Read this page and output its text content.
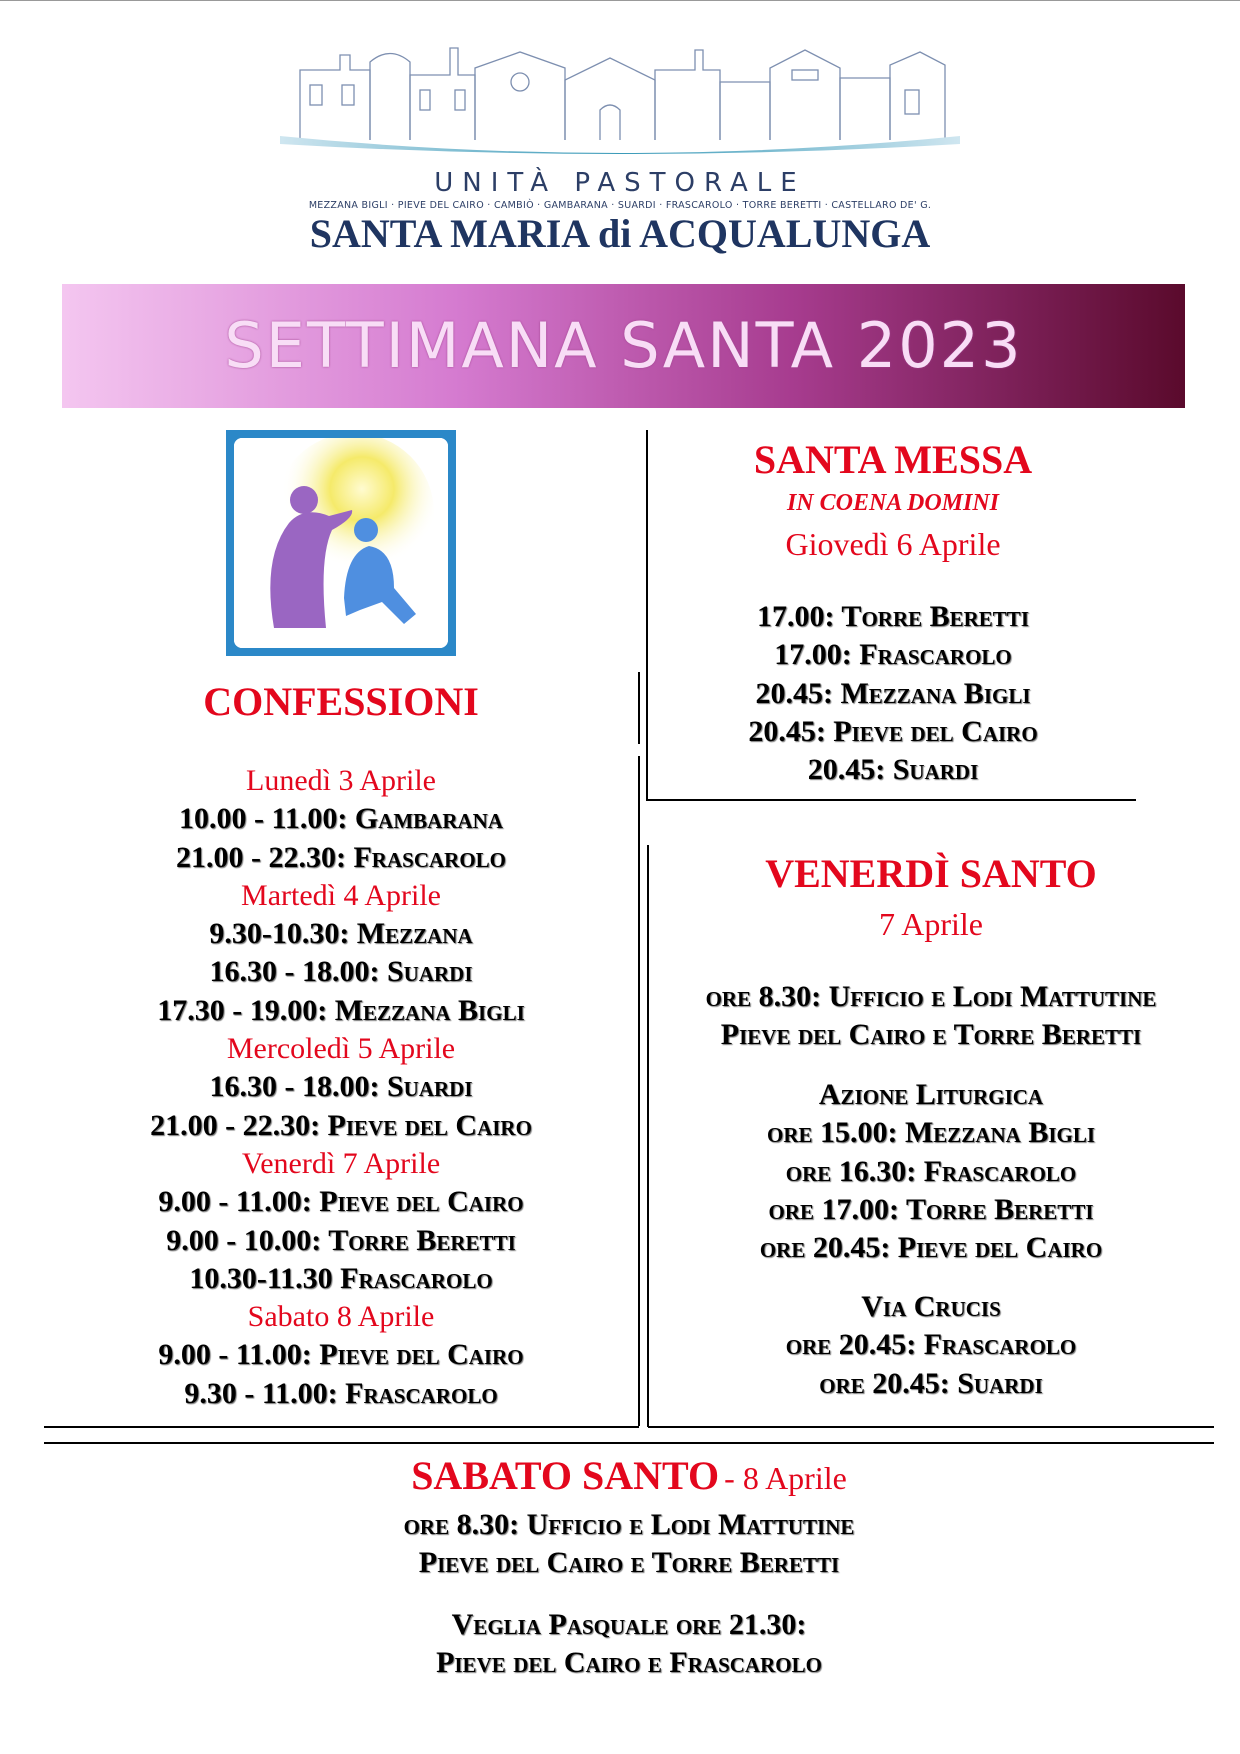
UNITÀ PASTORALE
MEZZANA BIGLI · PIEVE DEL CAIRO · CAMBIÒ · GAMBARANA · SUARDI · FRASCAROLO · TORRE BERETTI · CASTELLARO DE' G.
SANTA MARIA di ACQUALUNGA
SETTIMANA SANTA 2023
CONFESSIONI
Lunedì 3 Aprile
10.00 - 11.00: Gambarana
21.00 - 22.30: Frascarolo
Martedì 4 Aprile
9.30-10.30: Mezzana
16.30 - 18.00: Suardi
17.30 - 19.00: Mezzana Bigli
Mercoledì 5 Aprile
16.30 - 18.00: Suardi
21.00 - 22.30: Pieve del Cairo
Venerdì 7 Aprile
9.00 - 11.00: Pieve del Cairo
9.00 - 10.00: Torre Beretti
10.30-11.30 Frascarolo
Sabato 8 Aprile
9.00 - 11.00: Pieve del Cairo
9.30 - 11.00: Frascarolo
SANTA MESSA
IN COENA DOMINI
Giovedì 6 Aprile
17.00: Torre Beretti
17.00: Frascarolo
20.45: Mezzana Bigli
20.45: Pieve del Cairo
20.45: Suardi
VENERDÌ SANTO
7 Aprile
ore 8.30: Ufficio e Lodi Mattutine
Pieve del Cairo e Torre Beretti
Azione Liturgica
ore 15.00: Mezzana Bigli
ore 16.30: Frascarolo
ore 17.00: Torre Beretti
ore 20.45: Pieve del Cairo
Via Crucis
ore 20.45: Frascarolo
ore 20.45: Suardi
SABATO SANTO - 8 Aprile
ore 8.30: Ufficio e Lodi Mattutine
Pieve del Cairo e Torre Beretti
Veglia Pasquale ore 21.30:
Pieve del Cairo e Frascarolo
